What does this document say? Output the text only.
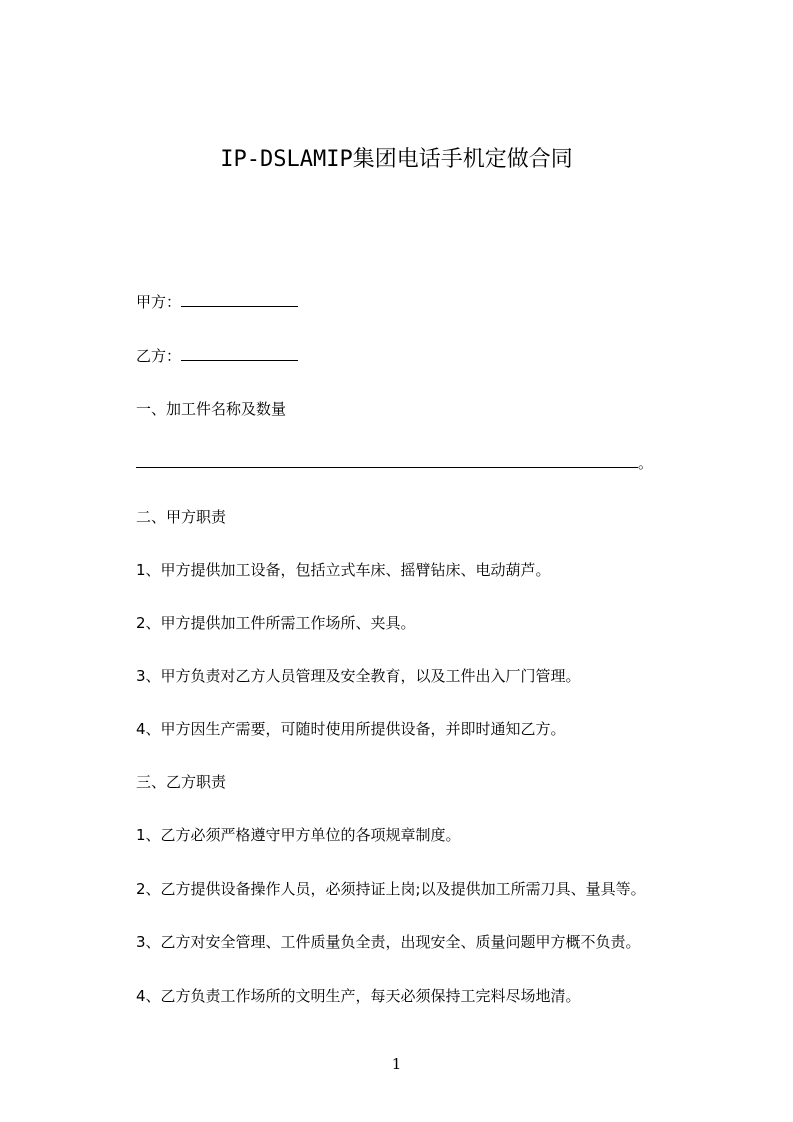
IP-DSLAMIP集团电话手机定做合同
甲方：
乙方：
一、加工件名称及数量
。
二、甲方职责
1、甲方提供加工设备，包括立式车床、摇臂钻床、电动葫芦。
2、甲方提供加工件所需工作场所、夹具。
3、甲方负责对乙方人员管理及安全教育，以及工件出入厂门管理。
4、甲方因生产需要，可随时使用所提供设备，并即时通知乙方。
三、乙方职责
1、乙方必须严格遵守甲方单位的各项规章制度。
2、乙方提供设备操作人员，必须持证上岗;以及提供加工所需刀具、量具等。
3、乙方对安全管理、工件质量负全责，出现安全、质量问题甲方概不负责。
4、乙方负责工作场所的文明生产，每天必须保持工完料尽场地清。
1
